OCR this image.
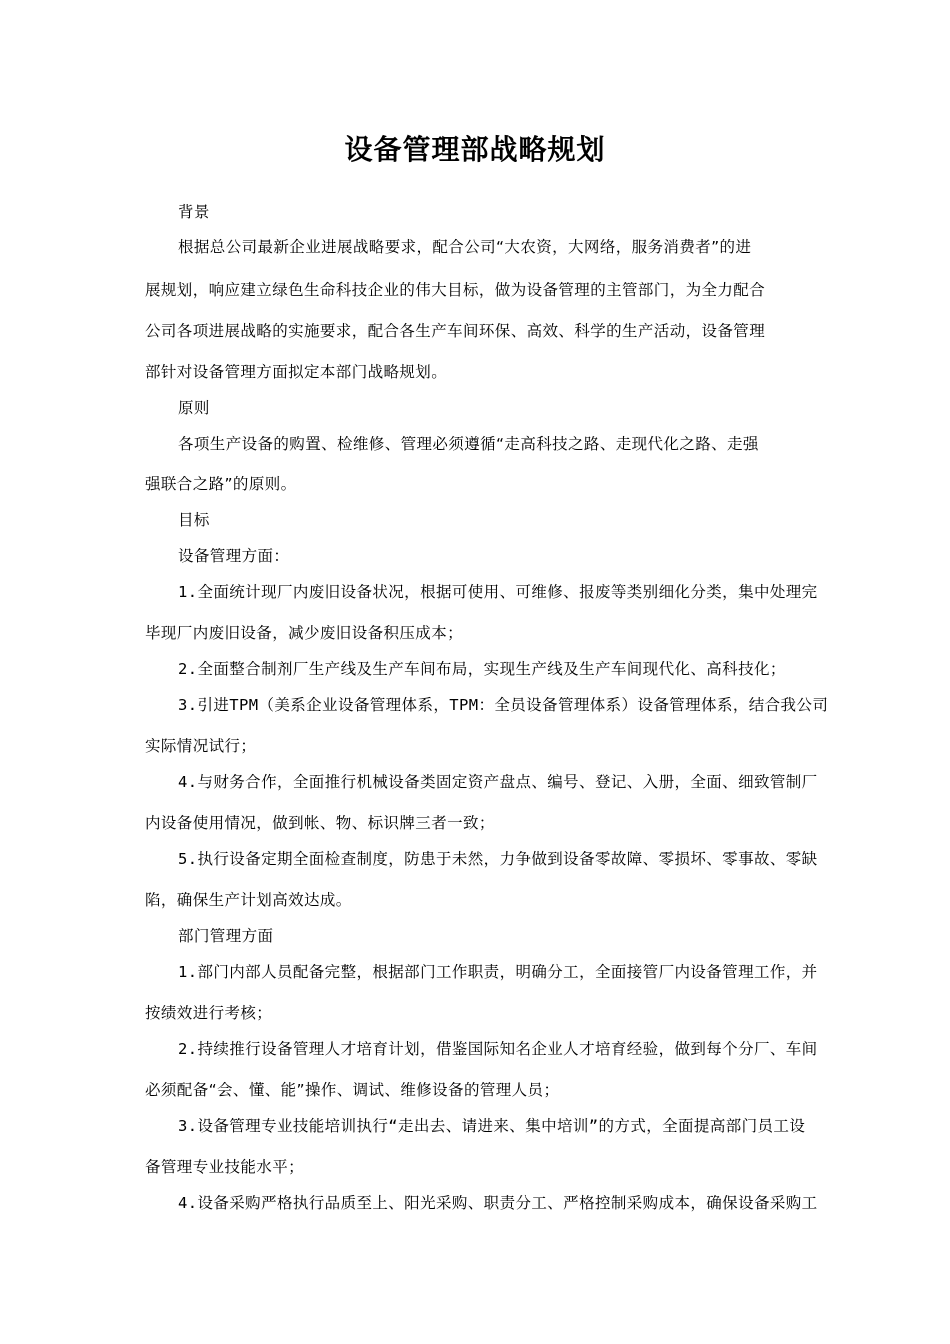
设备管理部战略规划
背景
根据总公司最新企业进展战略要求，配合公司“大农资，大网络，服务消费者”的进
展规划，响应建立绿色生命科技企业的伟大目标，做为设备管理的主管部门，为全力配合
公司各项进展战略的实施要求，配合各生产车间环保、高效、科学的生产活动，设备管理
部针对设备管理方面拟定本部门战略规划。
原则
各项生产设备的购置、检维修、管理必须遵循“走高科技之路、走现代化之路、走强
强联合之路”的原则。
目标
设备管理方面：
1.全面统计现厂内废旧设备状况，根据可使用、可维修、报废等类别细化分类，集中处理完
毕现厂内废旧设备，减少废旧设备积压成本；
2.全面整合制剂厂生产线及生产车间布局，实现生产线及生产车间现代化、高科技化；
3.引进TPM（美系企业设备管理体系，TPM：全员设备管理体系）设备管理体系，结合我公司
实际情况试行；
4.与财务合作，全面推行机械设备类固定资产盘点、编号、登记、入册，全面、细致管制厂
内设备使用情况，做到帐、物、标识牌三者一致；
5.执行设备定期全面检查制度，防患于未然，力争做到设备零故障、零损坏、零事故、零缺
陷，确保生产计划高效达成。
部门管理方面
1.部门内部人员配备完整，根据部门工作职责，明确分工，全面接管厂内设备管理工作，并
按绩效进行考核；
2.持续推行设备管理人才培育计划，借鉴国际知名企业人才培育经验，做到每个分厂、车间
必须配备“会、懂、能”操作、调试、维修设备的管理人员；
3.设备管理专业技能培训执行“走出去、请进来、集中培训”的方式，全面提高部门员工设
备管理专业技能水平；
4.设备采购严格执行品质至上、阳光采购、职责分工、严格控制采购成本，确保设备采购工
